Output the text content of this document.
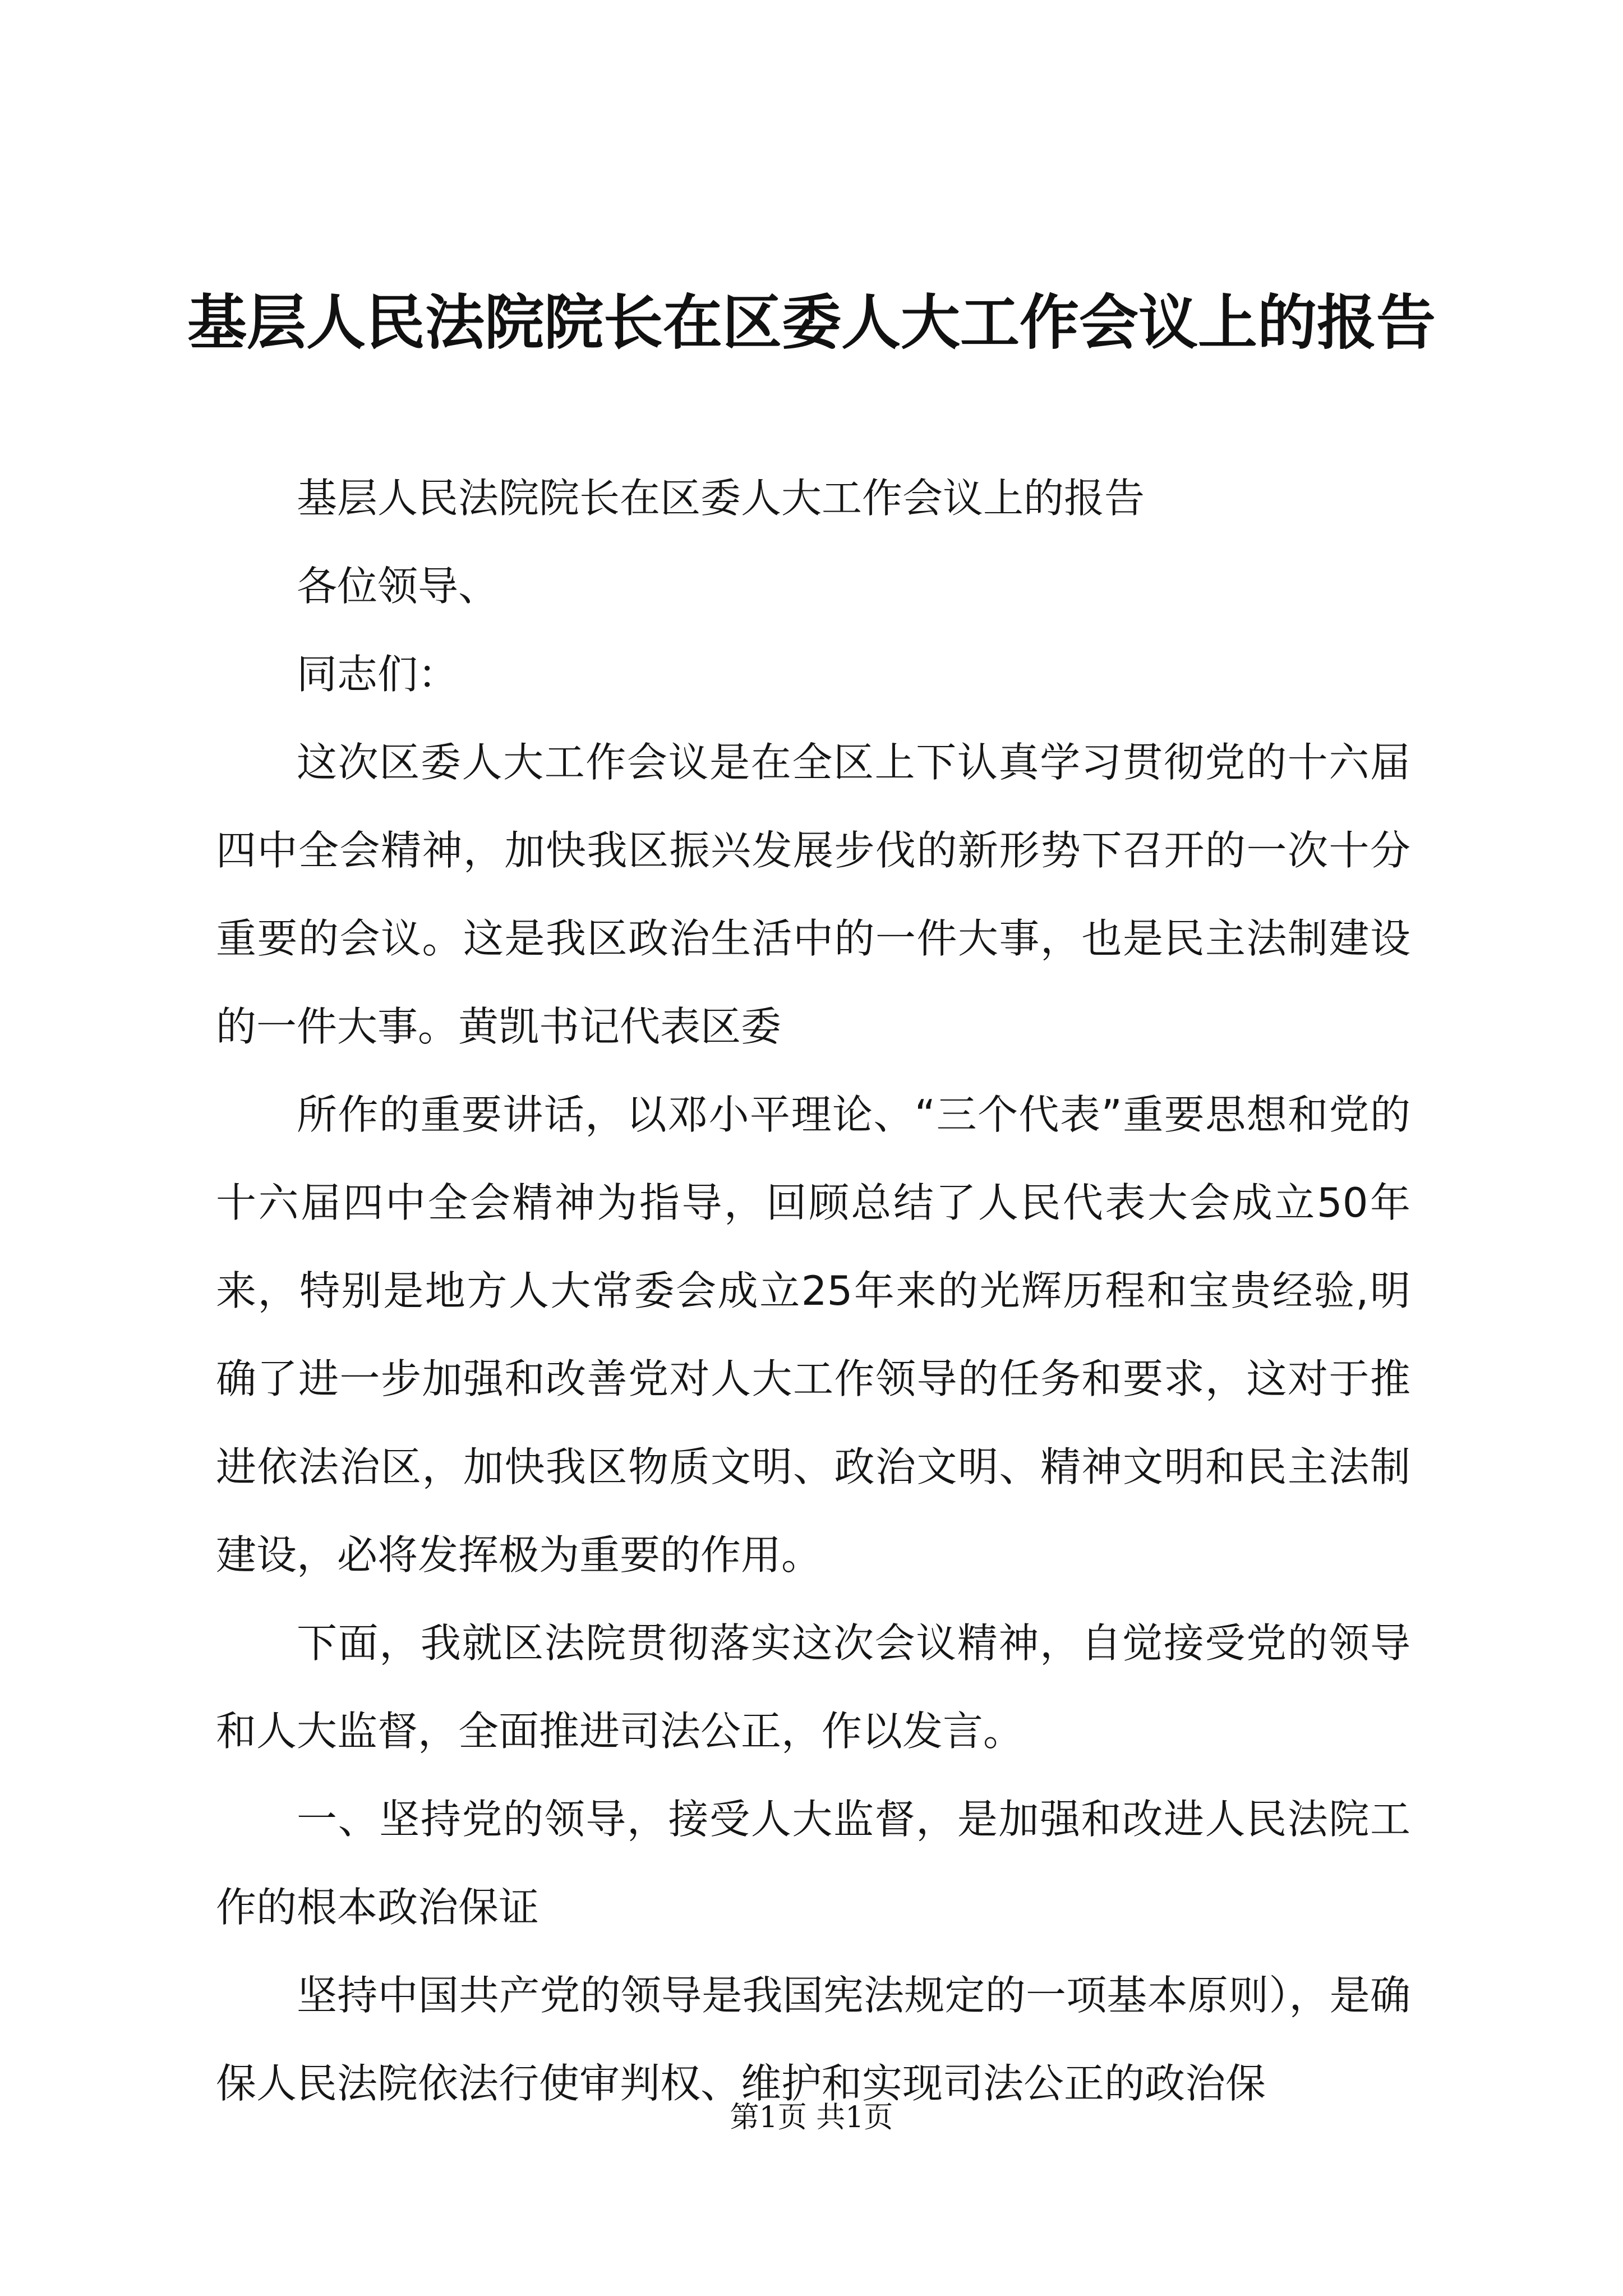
基层人民法院院长在区委人大工作会议上的报告

基层人民法院院长在区委人大工作会议上的报告

各位领导、

同志们：

这次区委人大工作会议是在全区上下认真学习贯彻党的十六届四中全会精神，加快我区振兴发展步伐的新形势下召开的一次十分重要的会议。这是我区政治生活中的一件大事，也是民主法制建设的一件大事。黄凯书记代表区委

所作的重要讲话，以邓小平理论、“三个代表”重要思想和党的十六届四中全会精神为指导，回顾总结了人民代表大会成立50年来，特别是地方人大常委会成立25年来的光辉历程和宝贵经验,明确了进一步加强和改善党对人大工作领导的任务和要求，这对于推进依法治区，加快我区物质文明、政治文明、精神文明和民主法制建设，必将发挥极为重要的作用。

下面，我就区法院贯彻落实这次会议精神，自觉接受党的领导和人大监督，全面推进司法公正，作以发言。

一、坚持党的领导，接受人大监督，是加强和改进人民法院工作的根本政治保证

坚持中国共产党的领导是我国宪法规定的一项基本原则），是确保人民法院依法行使审判权、维护和实现司法公正的政治保

第1页 共1页
